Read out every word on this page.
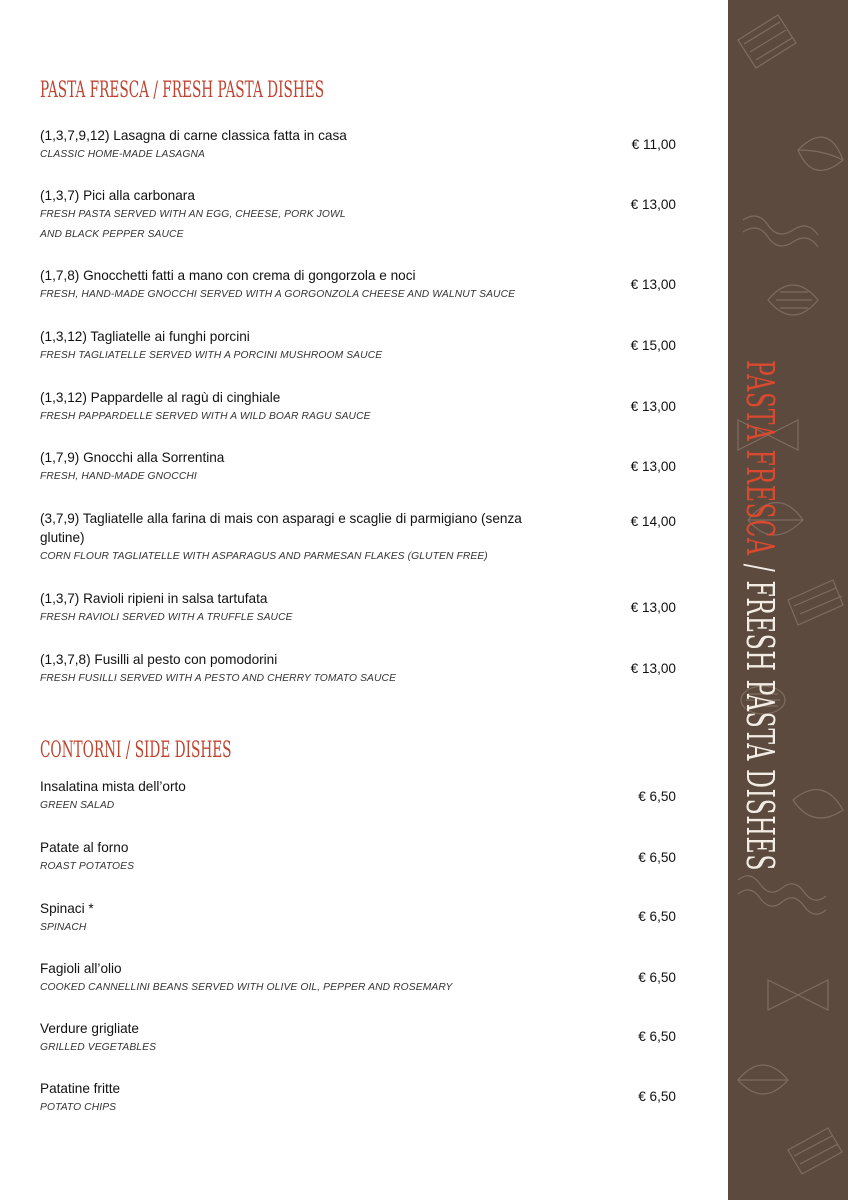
PASTA FRESCA / FRESH PASTA DISHES
(1,3,7,9,12) Lasagna di carne classica fatta in casa
CLASSIC HOME-MADE LASAGNA
€ 11,00
(1,3,7) Pici alla carbonara
FRESH PASTA SERVED WITH AN EGG, CHEESE, PORK JOWL
AND BLACK PEPPER SAUCE
€ 13,00
(1,7,8) Gnocchetti fatti a mano con crema di gongorzola e noci
FRESH, HAND-MADE GNOCCHI SERVED WITH A GORGONZOLA CHEESE AND WALNUT SAUCE
€ 13,00
(1,3,12) Tagliatelle ai funghi porcini
FRESH TAGLIATELLE SERVED WITH A PORCINI MUSHROOM SAUCE
€ 15,00
(1,3,12) Pappardelle al ragù di cinghiale
FRESH PAPPARDELLE SERVED WITH A WILD BOAR RAGU SAUCE
€ 13,00
(1,7,9) Gnocchi alla Sorrentina
FRESH, HAND-MADE GNOCCHI
€ 13,00
(3,7,9) Tagliatelle alla farina di mais con asparagi e scaglie di parmigiano (senza glutine)
CORN FLOUR TAGLIATELLE WITH ASPARAGUS AND PARMESAN FLAKES (GLUTEN FREE)
€ 14,00
(1,3,7) Ravioli ripieni in salsa tartufata
FRESH RAVIOLI SERVED WITH A TRUFFLE SAUCE
€ 13,00
(1,3,7,8) Fusilli al pesto con pomodorini
FRESH FUSILLI SERVED WITH A PESTO AND CHERRY TOMATO SAUCE
€ 13,00
CONTORNI / SIDE DISHES
Insalatina mista dell’orto
GREEN SALAD
€ 6,50
Patate al forno
ROAST POTATOES
€ 6,50
Spinaci *
SPINACH
€ 6,50
Fagioli all’olio
COOKED CANNELLINI BEANS SERVED WITH OLIVE OIL, PEPPER AND ROSEMARY
€ 6,50
Verdure grigliate
GRILLED VEGETABLES
€ 6,50
Patatine fritte
POTATO CHIPS
€ 6,50
PASTA FRESCA / FRESH PASTA DISHES
